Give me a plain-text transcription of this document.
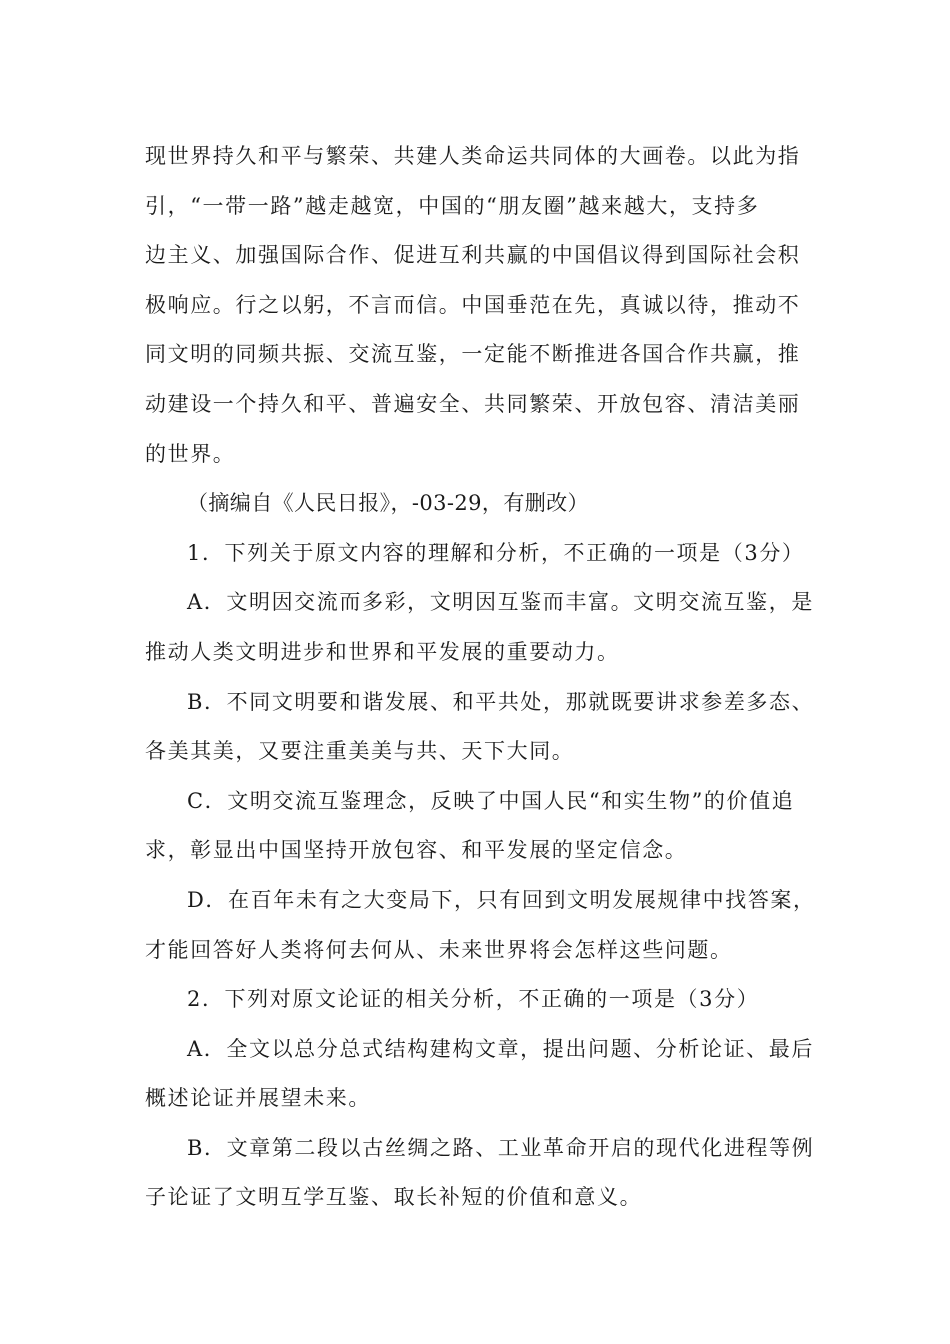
现世界持久和平与繁荣、共建人类命运共同体的大画卷。以此为指
引，“一带一路”越走越宽，中国的“朋友圈”越来越大，支持多
边主义、加强国际合作、促进互利共赢的中国倡议得到国际社会积
极响应。行之以躬，不言而信。中国垂范在先，真诚以待，推动不
同文明的同频共振、交流互鉴，一定能不断推进各国合作共赢，推
动建设一个持久和平、普遍安全、共同繁荣、开放包容、清洁美丽
的世界。

（摘编自《人民日报》，-03-29，有删改）

1．下列关于原文内容的理解和分析，不正确的一项是（3分）

A．文明因交流而多彩，文明因互鉴而丰富。文明交流互鉴，是
推动人类文明进步和世界和平发展的重要动力。

B．不同文明要和谐发展、和平共处，那就既要讲求参差多态、
各美其美，又要注重美美与共、天下大同。

C．文明交流互鉴理念，反映了中国人民“和实生物”的价值追
求，彰显出中国坚持开放包容、和平发展的坚定信念。

D．在百年未有之大变局下，只有回到文明发展规律中找答案，
才能回答好人类将何去何从、未来世界将会怎样这些问题。

2．下列对原文论证的相关分析，不正确的一项是（3分）

A．全文以总分总式结构建构文章，提出问题、分析论证、最后
概述论证并展望未来。

B．文章第二段以古丝绸之路、工业革命开启的现代化进程等例
子论证了文明互学互鉴、取长补短的价值和意义。
